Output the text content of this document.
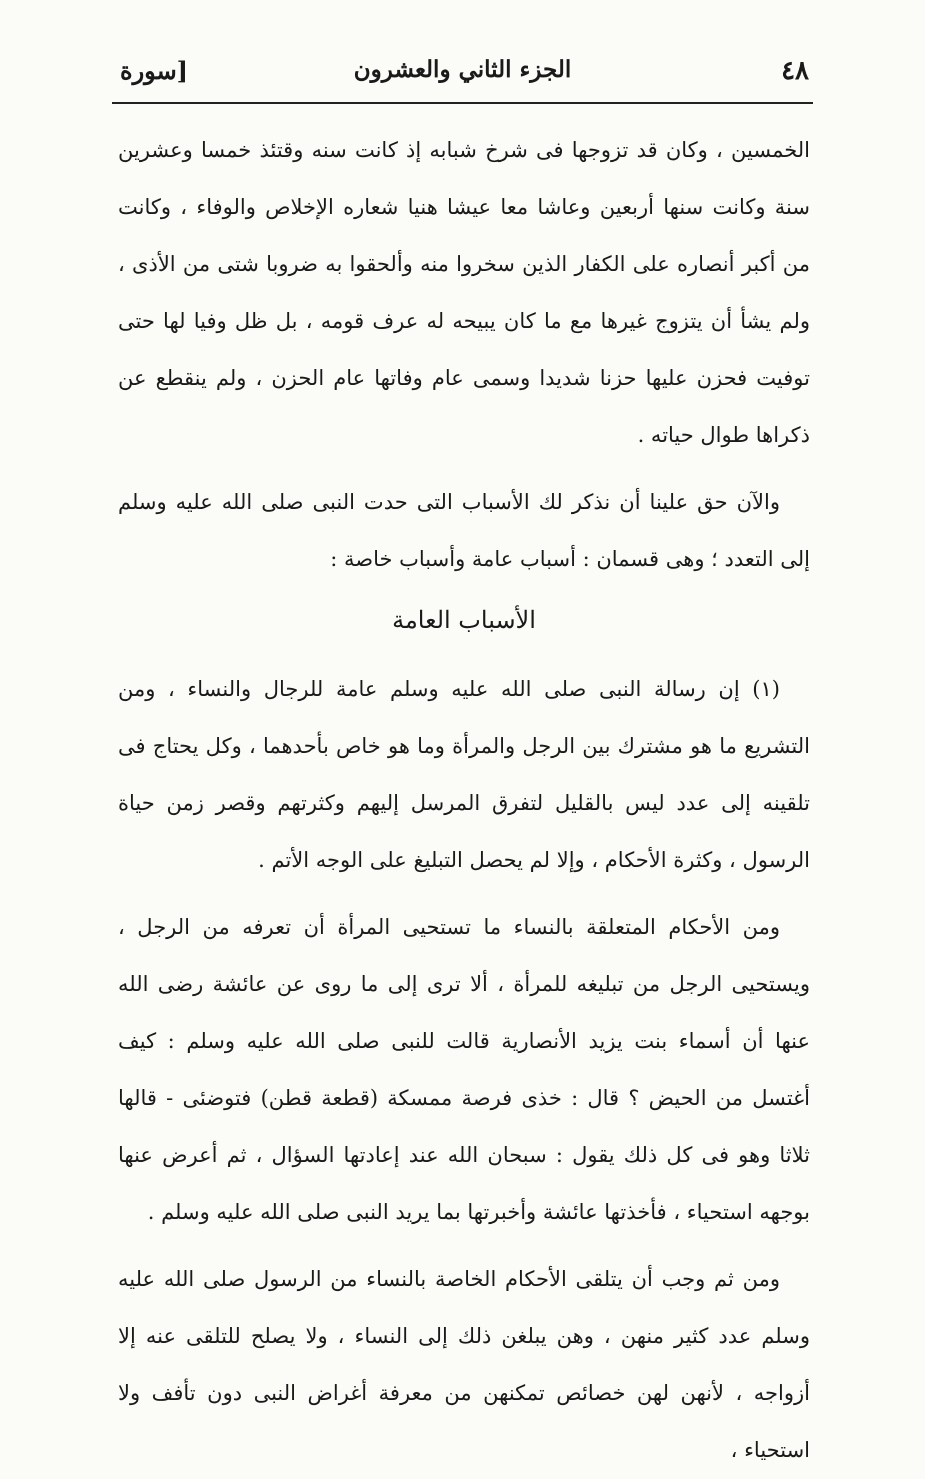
٤٨
الجزء الثاني والعشرون
[سورة

الخمسين ، وكان قد تزوجها فى شرخ شبابه إذ كانت سنه وقتئذ خمسا وعشرين سنة وكانت سنها أربعين وعاشا معا عيشا هنيا شعاره الإخلاص والوفاء ، وكانت من أكبر أنصاره على الكفار الذين سخروا منه وألحقوا به ضروبا شتى من الأذى ، ولم يشأ أن يتزوج غيرها مع ما كان يبيحه له عرف قومه ، بل ظل وفيا لها حتى توفيت فحزن عليها حزنا شديدا وسمى عام وفاتها عام الحزن ، ولم ينقطع عن ذكراها طوال حياته .

والآن حق علينا أن نذكر لك الأسباب التى حدت النبى صلى الله عليه وسلم إلى التعدد ؛ وهى قسمان : أسباب عامة وأسباب خاصة :

الأسباب العامة

(١) إن رسالة النبى صلى الله عليه وسلم عامة للرجال والنساء ، ومن التشريع ما هو مشترك بين الرجل والمرأة وما هو خاص بأحدهما ، وكل يحتاج فى تلقينه إلى عدد ليس بالقليل لتفرق المرسل إليهم وكثرتهم وقصر زمن حياة الرسول ، وكثرة الأحكام ، وإلا لم يحصل التبليغ على الوجه الأتم .

ومن الأحكام المتعلقة بالنساء ما تستحيى المرأة أن تعرفه من الرجل ، ويستحيى الرجل من تبليغه للمرأة ، ألا ترى إلى ما روى عن عائشة رضى الله عنها أن أسماء بنت يزيد الأنصارية قالت للنبى صلى الله عليه وسلم : كيف أغتسل من الحيض ؟ قال : خذى فرصة ممسكة (قطعة قطن) فتوضئى - قالها ثلاثا وهو فى كل ذلك يقول : سبحان الله عند إعادتها السؤال ، ثم أعرض عنها بوجهه استحياء ، فأخذتها عائشة وأخبرتها بما يريد النبى صلى الله عليه وسلم .

ومن ثم وجب أن يتلقى الأحكام الخاصة بالنساء من الرسول صلى الله عليه وسلم عدد كثير منهن ، وهن يبلغن ذلك إلى النساء ، ولا يصلح للتلقى عنه إلا أزواجه ، لأنهن لهن خصائص تمكنهن من معرفة أغراض النبى دون تأفف ولا استحياء ،
